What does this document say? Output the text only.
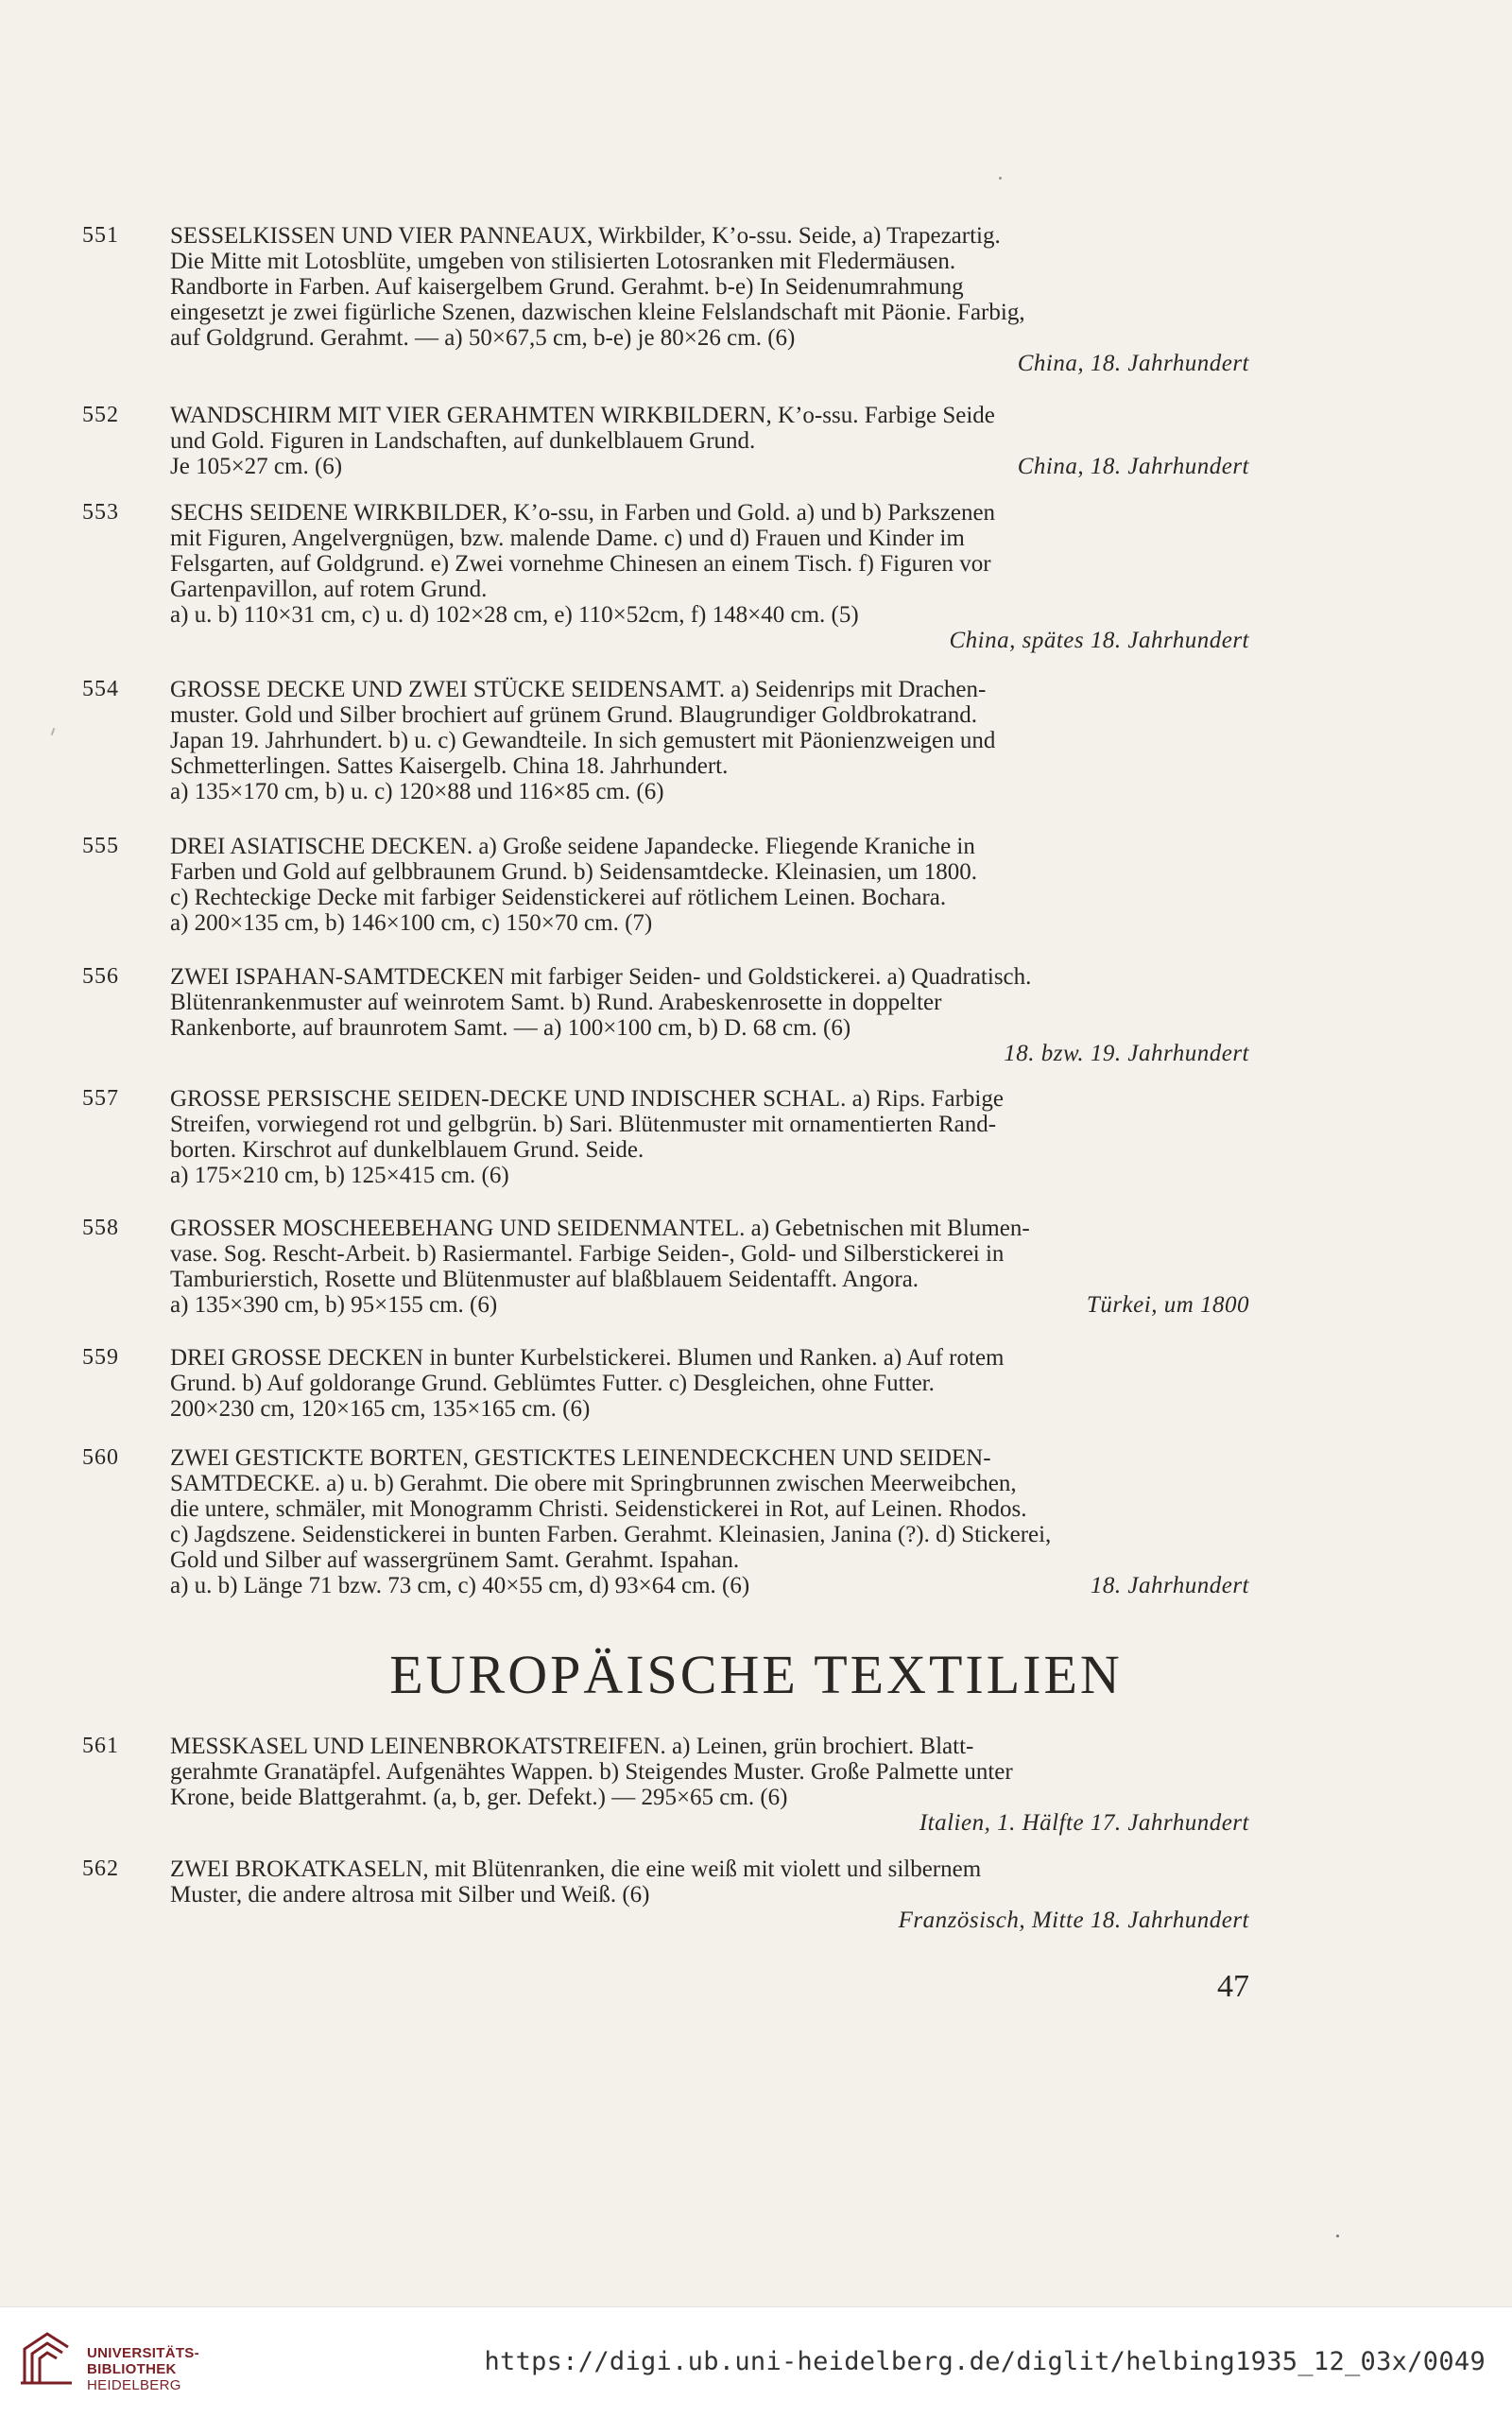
551	SESSELKISSEN UND VIER PANNEAUX, Wirkbilder, K’o-ssu. Seide, a) Trapezartig.
Die Mitte mit Lotosblüte, umgeben von stilisierten Lotosranken mit Fledermäusen.
Randborte in Farben. Auf kaisergelbem Grund. Gerahmt. b-e) In Seidenumrahmung
eingesetzt je zwei figürliche Szenen, dazwischen kleine Felslandschaft mit Päonie. Farbig,
auf Goldgrund. Gerahmt. — a) 50×67,5 cm, b-e) je 80×26 cm. (6)
China, 18. Jahrhundert
552	WANDSCHIRM MIT VIER GERAHMTEN WIRKBILDERN, K’o-ssu. Farbige Seide
und Gold. Figuren in Landschaften, auf dunkelblauem Grund.
Je 105×27 cm. (6)	China, 18. Jahrhundert
553	SECHS SEIDENE WIRKBILDER, K’o-ssu, in Farben und Gold. a) und b) Parkszenen
mit Figuren, Angelvergnügen, bzw. malende Dame. c) und d) Frauen und Kinder im
Felsgarten, auf Goldgrund. e) Zwei vornehme Chinesen an einem Tisch. f) Figuren vor
Gartenpavillon, auf rotem Grund.
a) u. b) 110×31 cm, c) u. d) 102×28 cm, e) 110×52cm, f) 148×40 cm. (5)
China, spätes 18. Jahrhundert
554	GROSSE DECKE UND ZWEI STÜCKE SEIDENSAMT. a) Seidenrips mit Drachen-
muster. Gold und Silber brochiert auf grünem Grund. Blaugrundiger Goldbrokatrand.
Japan 19. Jahrhundert. b) u. c) Gewandteile. In sich gemustert mit Päonienzweigen und
Schmetterlingen. Sattes Kaisergelb. China 18. Jahrhundert.
a) 135×170 cm, b) u. c) 120×88 und 116×85 cm. (6)
555	DREI ASIATISCHE DECKEN. a) Große seidene Japandecke. Fliegende Kraniche in
Farben und Gold auf gelbbraunem Grund. b) Seidensamtdecke. Kleinasien, um 1800.
c) Rechteckige Decke mit farbiger Seidenstickerei auf rötlichem Leinen. Bochara.
a) 200×135 cm, b) 146×100 cm, c) 150×70 cm. (7)
556	ZWEI ISPAHAN-SAMTDECKEN mit farbiger Seiden- und Goldstickerei. a) Quadratisch.
Blütenrankenmuster auf weinrotem Samt. b) Rund. Arabeskenrosette in doppelter
Rankenborte, auf braunrotem Samt. — a) 100×100 cm, b) D. 68 cm. (6)
18. bzw. 19. Jahrhundert
557	GROSSE PERSISCHE SEIDEN-DECKE UND INDISCHER SCHAL. a) Rips. Farbige
Streifen, vorwiegend rot und gelbgrün. b) Sari. Blütenmuster mit ornamentierten Rand-
borten. Kirschrot auf dunkelblauem Grund. Seide.
a) 175×210 cm, b) 125×415 cm. (6)
558	GROSSER MOSCHEEBEHANG UND SEIDENMANTEL. a) Gebetnischen mit Blumen-
vase. Sog. Rescht-Arbeit. b) Rasiermantel. Farbige Seiden-, Gold- und Silberstickerei in
Tamburierstich, Rosette und Blütenmuster auf blaßblauem Seidentafft. Angora.
a) 135×390 cm, b) 95×155 cm. (6)	Türkei, um 1800
559	DREI GROSSE DECKEN in bunter Kurbelstickerei. Blumen und Ranken. a) Auf rotem
Grund. b) Auf goldorange Grund. Geblümtes Futter. c) Desgleichen, ohne Futter.
200×230 cm, 120×165 cm, 135×165 cm. (6)
560	ZWEI GESTICKTE BORTEN, GESTICKTES LEINENDECKCHEN UND SEIDEN-
SAMTDECKE. a) u. b) Gerahmt. Die obere mit Springbrunnen zwischen Meerweibchen,
die untere, schmäler, mit Monogramm Christi. Seidenstickerei in Rot, auf Leinen. Rhodos.
c) Jagdszene. Seidenstickerei in bunten Farben. Gerahmt. Kleinasien, Janina (?). d) Stickerei,
Gold und Silber auf wassergrünem Samt. Gerahmt. Ispahan.
a) u. b) Länge 71 bzw. 73 cm, c) 40×55 cm, d) 93×64 cm. (6)	18. Jahrhundert
EUROPÄISCHE TEXTILIEN
561	MESSKASEL UND LEINENBROKATSTREIFEN. a) Leinen, grün brochiert. Blatt-
gerahmte Granatäpfel. Aufgenähtes Wappen. b) Steigendes Muster. Große Palmette unter
Krone, beide Blattgerahmt. (a, b, ger. Defekt.) — 295×65 cm. (6)
Italien, 1. Hälfte 17. Jahrhundert
562	ZWEI BROKATKASELN, mit Blütenranken, die eine weiß mit violett und silbernem
Muster, die andere altrosa mit Silber und Weiß. (6)
Französisch, Mitte 18. Jahrhundert
47
UNIVERSITÄTS-
BIBLIOTHEK
HEIDELBERG
https://digi.ub.uni-heidelberg.de/diglit/helbing1935_12_03x/0049
